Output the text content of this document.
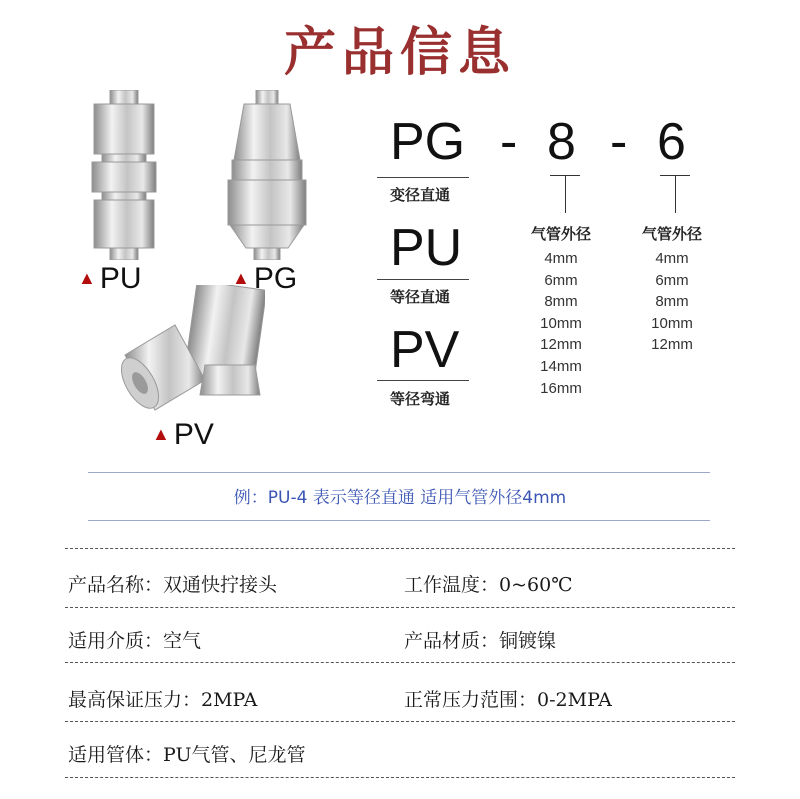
产品信息
▲ PU	▲ PG
▲ PV
PG - 8 - 6
变径直通
PU
等径直通
PV
等径弯通
气管外径
4mm
6mm
8mm
10mm
12mm
14mm
16mm
气管外径
4mm
6mm
8mm
10mm
12mm
例：PU-4 表示等径直通 适用气管外径4mm
产品名称：双通快拧接头	工作温度：0~60℃
适用介质：空气	产品材质：铜镀镍
最高保证压力：2MPA	正常压力范围：0-2MPA
适用管体：PU气管、尼龙管
